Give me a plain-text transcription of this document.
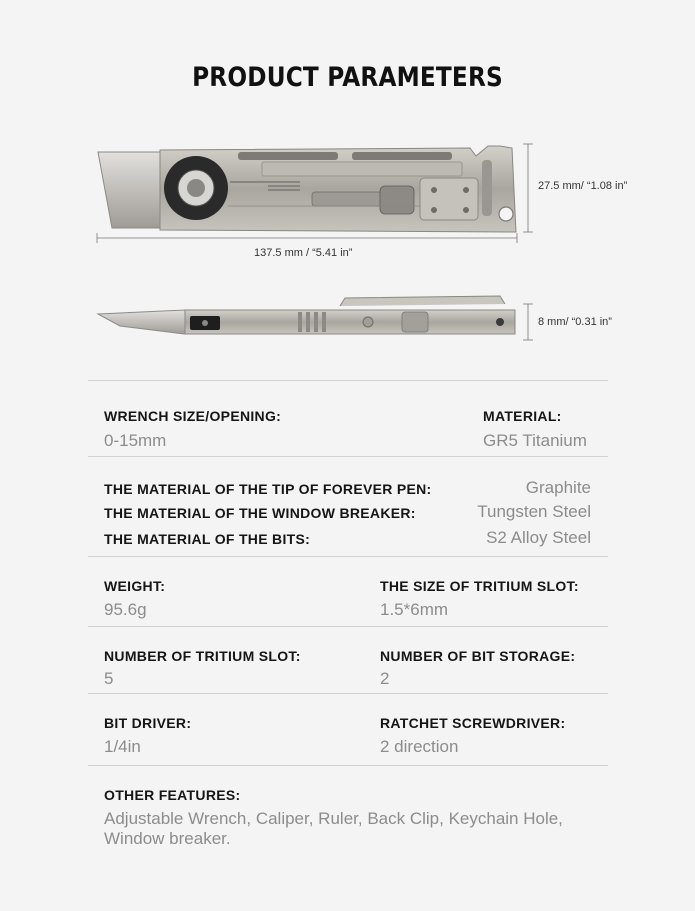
PRODUCT PARAMETERS
27.5 mm/ “1.08 in”
137.5 mm / “5.41 in”
8 mm/ “0.31 in”
WRENCH SIZE/OPENING:
0-15mm
MATERIAL:
GR5 Titanium
THE MATERIAL OF THE TIP OF FOREVER PEN:	Graphite
THE MATERIAL OF THE WINDOW BREAKER:	Tungsten Steel
THE MATERIAL OF THE BITS:	S2 Alloy Steel
WEIGHT:
95.6g
THE SIZE OF TRITIUM SLOT:
1.5*6mm
NUMBER OF TRITIUM SLOT:
5
NUMBER OF BIT STORAGE:
2
BIT DRIVER:
1/4in
RATCHET SCREWDRIVER:
2 direction
OTHER FEATURES:
Adjustable Wrench, Caliper, Ruler, Back Clip, Keychain Hole, Window breaker.
